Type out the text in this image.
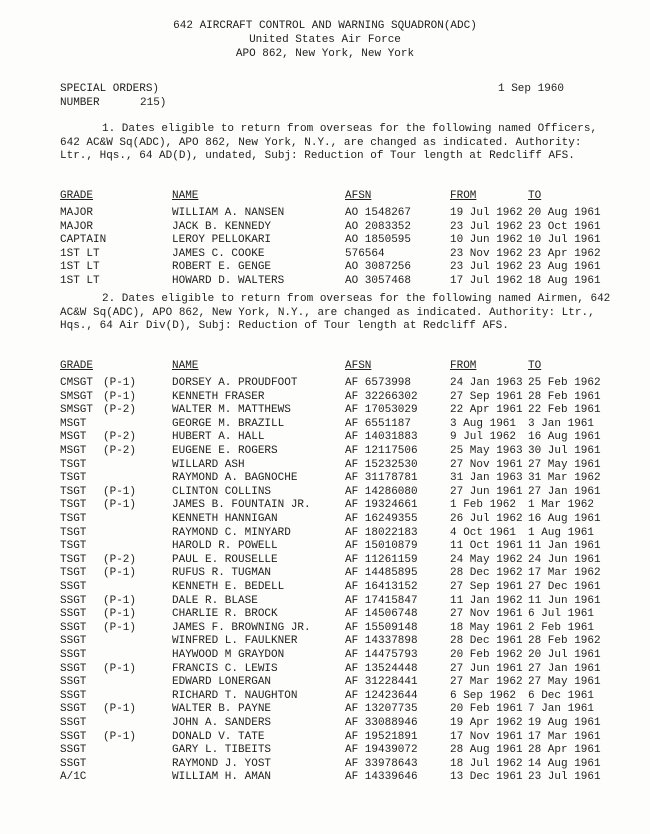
642 AIRCRAFT CONTROL AND WARNING SQUADRON(ADC)
United States Air Force
APO 862, New York, New York
SPECIAL ORDERS)
NUMBER	215)
1 Sep 1960
1. Dates eligible to return from overseas for the following named Officers, 642 AC&W Sq(ADC), APO 862, New York, N.Y., are changed as indicated. Authority: Ltr., Hqs., 64 AD(D), undated, Subj: Reduction of Tour length at Redcliff AFS.
GRADE	NAME	AFSN	FROM	TO
MAJOR	WILLIAM A. NANSEN	AO 1548267	19 Jul 1962 20 Aug 1961
MAJOR	JACK B. KENNEDY	AO 2083352	23 Jul 1962 23 Oct 1961
CAPTAIN	LEROY PELLOKARI	AO 1850595	10 Jun 1962 10 Jul 1961
1ST LT	JAMES C. COOKE	576564	23 Nov 1962 23 Apr 1962
1ST LT	ROBERT E. GENGE	AO 3087256	23 Jul 1962 23 Aug 1961
1ST LT	HOWARD D. WALTERS	AO 3057468	17 Jul 1962 18 Aug 1961
2. Dates eligible to return from overseas for the following named Airmen, 642 AC&W Sq(ADC), APO 862, New York, N.Y., are changed as indicated. Authority: Ltr., Hqs., 64 Air Div(D), Subj: Reduction of Tour length at Redcliff AFS.
GRADE	NAME	AFSN	FROM	TO
CMSGT (P-1)	DORSEY A. PROUDFOOT	AF 6573998	24 Jan 1963 25 Feb 1962
SMSGT (P-1)	KENNETH FRASER	AF 32266302	27 Sep 1961 28 Feb 1961
SMSGT (P-2)	WALTER M. MATTHEWS	AF 17053029	22 Apr 1961 22 Feb 1961
MSGT	GEORGE M. BRAZILL	AF 6551187	3 Aug 1961 3 Jan 1961
MSGT (P-2)	HUBERT A. HALL	AF 14031883	9 Jul 1962 16 Aug 1961
MSGT (P-2)	EUGENE E. ROGERS	AF 12117506	25 May 1963 30 Jul 1961
TSGT	WILLARD ASH	AF 15232530	27 Nov 1961 27 May 1961
TSGT	RAYMOND A. BAGNOCHE	AF 31178781	31 Jan 1963 31 Mar 1962
TSGT (P-1)	CLINTON COLLINS	AF 14286080	27 Jun 1961 27 Jan 1961
TSGT (P-1)	JAMES B. FOUNTAIN JR.	AF 19324661	1 Feb 1962 1 Mar 1962
TSGT	KENNETH HANNIGAN	AF 16249355	26 Jul 1962 16 Aug 1961
TSGT	RAYMOND C. MINYARD	AF 18022183	4 Oct 1961 1 Aug 1961
TSGT	HAROLD R. POWELL	AF 15010879	11 Oct 1961 11 Jan 1961
TSGT (P-2)	PAUL E. ROUSELLE	AF 11261159	24 May 1962 24 Jun 1961
TSGT (P-1)	RUFUS R. TUGMAN	AF 14485895	28 Dec 1962 17 Mar 1962
SSGT	KENNETH E. BEDELL	AF 16413152	27 Sep 1961 27 Dec 1961
SSGT (P-1)	DALE R. BLASE	AF 17415847	11 Jan 1962 11 Jun 1961
SSGT (P-1)	CHARLIE R. BROCK	AF 14506748	27 Nov 1961 6 Jul 1961
SSGT (P-1)	JAMES F. BROWNING JR.	AF 15509148	18 May 1961 2 Feb 1961
SSGT	WINFRED L. FAULKNER	AF 14337898	28 Dec 1961 28 Feb 1962
SSGT	HAYWOOD M GRAYDON	AF 14475793	20 Feb 1962 20 Jul 1961
SSGT (P-1)	FRANCIS C. LEWIS	AF 13524448	27 Jun 1961 27 Jan 1961
SSGT	EDWARD LONERGAN	AF 31228441	27 Mar 1962 27 May 1961
SSGT	RICHARD T. NAUGHTON	AF 12423644	6 Sep 1962 6 Dec 1961
SSGT (P-1)	WALTER B. PAYNE	AF 13207735	20 Feb 1961 7 Jan 1961
SSGT	JOHN A. SANDERS	AF 33088946	19 Apr 1962 19 Aug 1961
SSGT (P-1)	DONALD V. TATE	AF 19521891	17 Nov 1961 17 Mar 1961
SSGT	GARY L. TIBEITS	AF 19439072	28 Aug 1961 28 Apr 1961
SSGT	RAYMOND J. YOST	AF 33978643	18 Jul 1962 14 Aug 1961
A/1C	WILLIAM H. AMAN	AF 14339646	13 Dec 1961 23 Jul 1961
